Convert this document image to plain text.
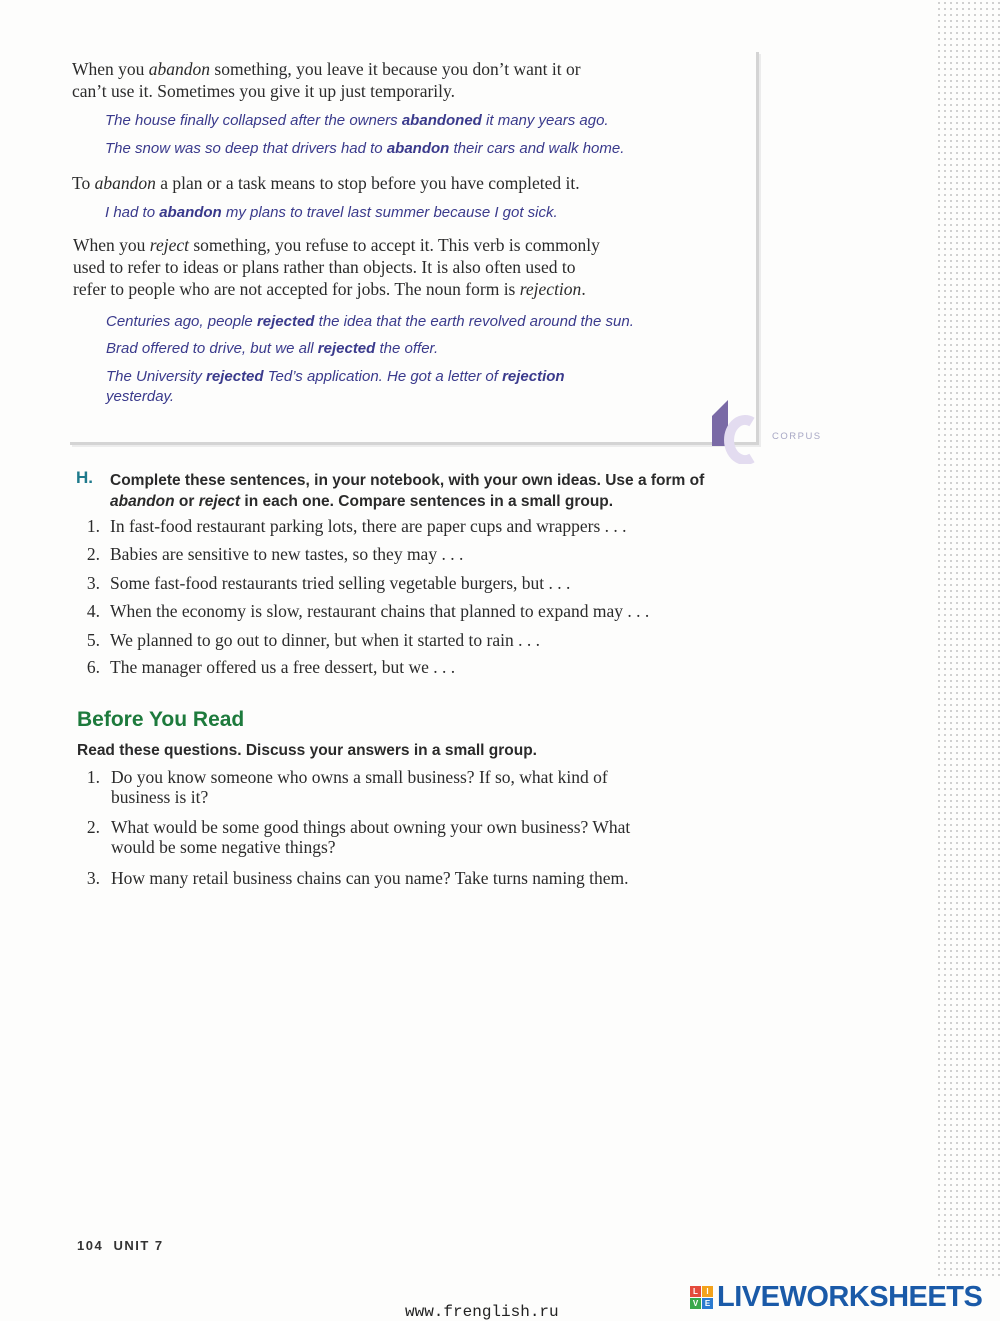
When you abandon something, you leave it because you don’t want it or
can’t use it. Sometimes you give it up just temporarily.
The house finally collapsed after the owners abandoned it many years ago.
The snow was so deep that drivers had to abandon their cars and walk home.
To abandon a plan or a task means to stop before you have completed it.
I had to abandon my plans to travel last summer because I got sick.
When you reject something, you refuse to accept it. This verb is commonly
used to refer to ideas or plans rather than objects. It is also often used to
refer to people who are not accepted for jobs. The noun form is rejection.
Centuries ago, people rejected the idea that the earth revolved around the sun.
Brad offered to drive, but we all rejected the offer.
The University rejected Ted’s application. He got a letter of rejection
yesterday.
CORPUS
H. Complete these sentences, in your notebook, with your own ideas. Use a form of
abandon or reject in each one. Compare sentences in a small group.
1. In fast-food restaurant parking lots, there are paper cups and wrappers . . .
2. Babies are sensitive to new tastes, so they may . . .
3. Some fast-food restaurants tried selling vegetable burgers, but . . .
4. When the economy is slow, restaurant chains that planned to expand may . . .
5. We planned to go out to dinner, but when it started to rain . . .
6. The manager offered us a free dessert, but we . . .
Before You Read
Read these questions. Discuss your answers in a small group.
1. Do you know someone who owns a small business? If so, what kind of
business is it?
2. What would be some good things about owning your own business? What
would be some negative things?
3. How many retail business chains can you name? Take turns naming them.
104 UNIT 7
www.frenglish.ru
L	I
V E LIVEWORKSHEETS
